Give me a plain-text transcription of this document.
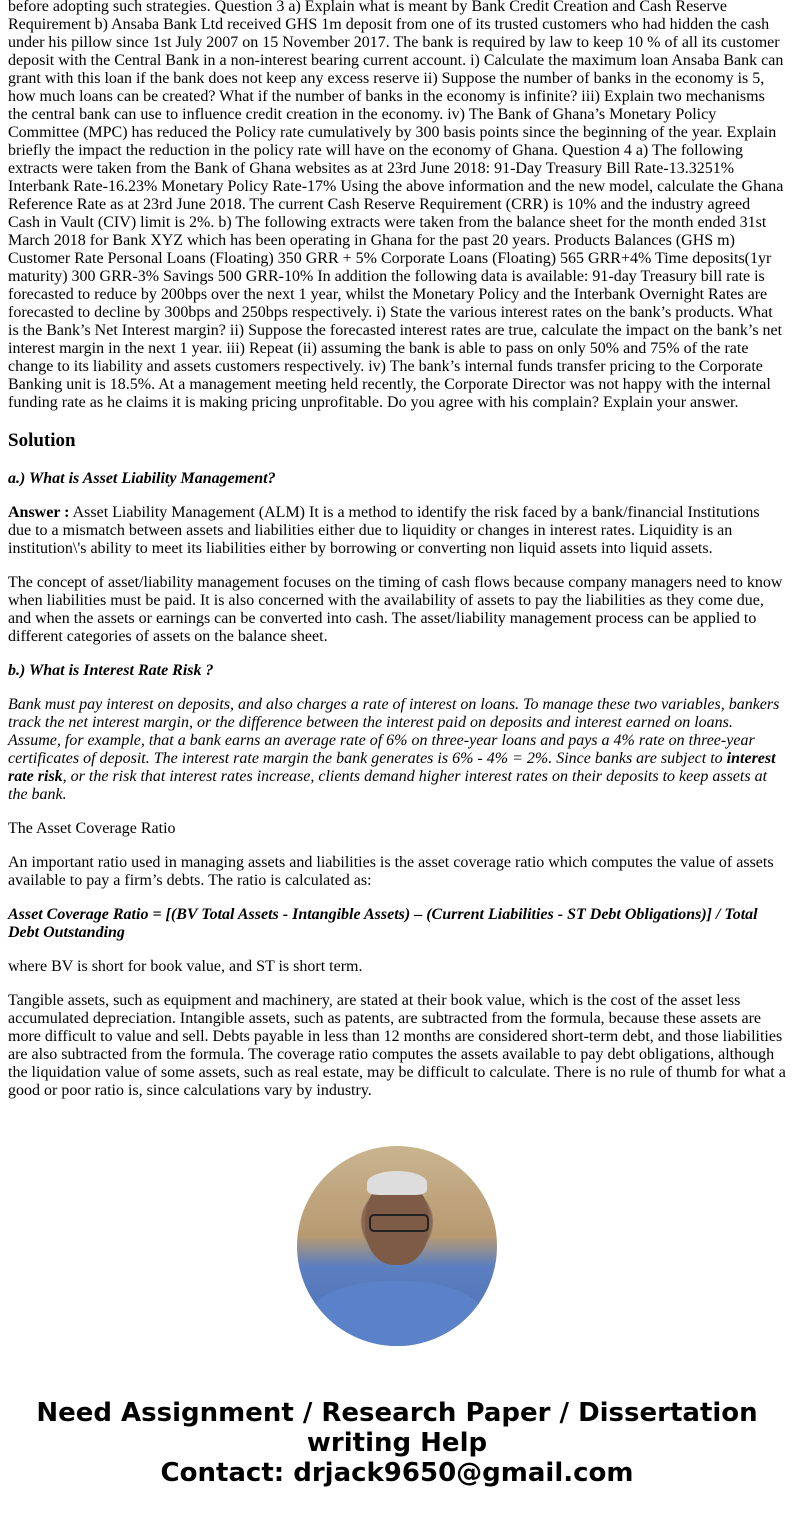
before adopting such strategies. Question 3 a) Explain what is meant by Bank Credit Creation and Cash Reserve Requirement b) Ansaba Bank Ltd received GHS 1m deposit from one of its trusted customers who had hidden the cash under his pillow since 1st July 2007 on 15 November 2017. The bank is required by law to keep 10 % of all its customer deposit with the Central Bank in a non-interest bearing current account. i) Calculate the maximum loan Ansaba Bank can grant with this loan if the bank does not keep any excess reserve ii) Suppose the number of banks in the economy is 5, how much loans can be created? What if the number of banks in the economy is infinite? iii) Explain two mechanisms the central bank can use to influence credit creation in the economy. iv) The Bank of Ghana’s Monetary Policy Committee (MPC) has reduced the Policy rate cumulatively by 300 basis points since the beginning of the year. Explain briefly the impact the reduction in the policy rate will have on the economy of Ghana. Question 4 a) The following extracts were taken from the Bank of Ghana websites as at 23rd June 2018: 91-Day Treasury Bill Rate-13.3251% Interbank Rate-16.23% Monetary Policy Rate-17% Using the above information and the new model, calculate the Ghana Reference Rate as at 23rd June 2018. The current Cash Reserve Requirement (CRR) is 10% and the industry agreed Cash in Vault (CIV) limit is 2%. b) The following extracts were taken from the balance sheet for the month ended 31st March 2018 for Bank XYZ which has been operating in Ghana for the past 20 years. Products Balances (GHS m) Customer Rate Personal Loans (Floating) 350 GRR + 5% Corporate Loans (Floating) 565 GRR+4% Time deposits(1yr maturity) 300 GRR-3% Savings 500 GRR-10% In addition the following data is available: 91-day Treasury bill rate is forecasted to reduce by 200bps over the next 1 year, whilst the Monetary Policy and the Interbank Overnight Rates are forecasted to decline by 300bps and 250bps respectively. i) State the various interest rates on the bank’s products. What is the Bank’s Net Interest margin? ii) Suppose the forecasted interest rates are true, calculate the impact on the bank’s net interest margin in the next 1 year. iii) Repeat (ii) assuming the bank is able to pass on only 50% and 75% of the rate change to its liability and assets customers respectively. iv) The bank’s internal funds transfer pricing to the Corporate Banking unit is 18.5%. At a management meeting held recently, the Corporate Director was not happy with the internal funding rate as he claims it is making pricing unprofitable. Do you agree with his complain? Explain your answer.

Solution

a.) What is Asset Liability Management?

Answer : Asset Liability Management (ALM) It is a method to identify the risk faced by a bank/financial Institutions due to a mismatch between assets and liabilities either due to liquidity or changes in interest rates. Liquidity is an institution\'s ability to meet its liabilities either by borrowing or converting non liquid assets into liquid assets.

The concept of asset/liability management focuses on the timing of cash flows because company managers need to know when liabilities must be paid. It is also concerned with the availability of assets to pay the liabilities as they come due, and when the assets or earnings can be converted into cash. The asset/liability management process can be applied to different categories of assets on the balance sheet.

b.) What is Interest Rate Risk ?

Bank must pay interest on deposits, and also charges a rate of interest on loans. To manage these two variables, bankers track the net interest margin, or the difference between the interest paid on deposits and interest earned on loans. Assume, for example, that a bank earns an average rate of 6% on three-year loans and pays a 4% rate on three-year certificates of deposit. The interest rate margin the bank generates is 6% - 4% = 2%. Since banks are subject to interest rate risk, or the risk that interest rates increase, clients demand higher interest rates on their deposits to keep assets at the bank.

The Asset Coverage Ratio

An important ratio used in managing assets and liabilities is the asset coverage ratio which computes the value of assets available to pay a firm’s debts. The ratio is calculated as:

Asset Coverage Ratio = [(BV Total Assets - Intangible Assets) – (Current Liabilities - ST Debt Obligations)] / Total Debt Outstanding

where BV is short for book value, and ST is short term.

Tangible assets, such as equipment and machinery, are stated at their book value, which is the cost of the asset less accumulated depreciation. Intangible assets, such as patents, are subtracted from the formula, because these assets are more difficult to value and sell. Debts payable in less than 12 months are considered short-term debt, and those liabilities are also subtracted from the formula. The coverage ratio computes the assets available to pay debt obligations, although the liquidation value of some assets, such as real estate, may be difficult to calculate. There is no rule of thumb for what a good or poor ratio is, since calculations vary by industry.

Need Assignment / Research Paper / Dissertation writing Help
Contact: drjack9650@gmail.com
